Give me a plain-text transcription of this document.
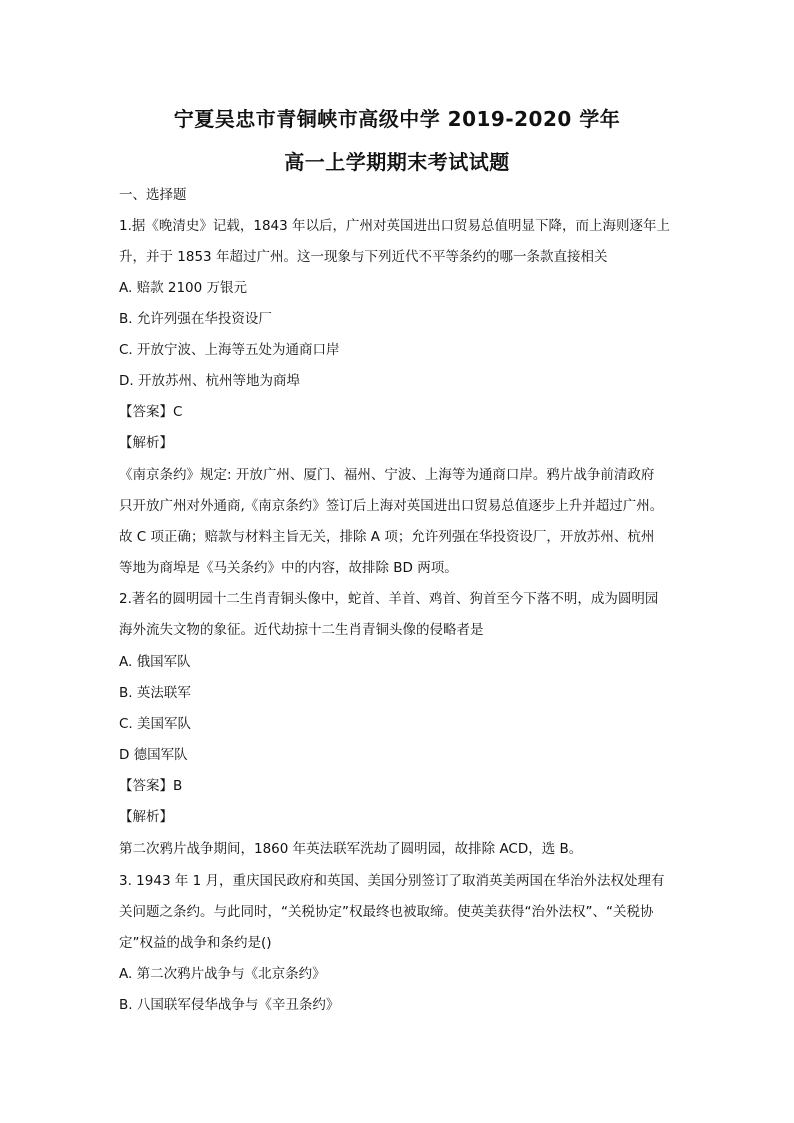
宁夏吴忠市青铜峡市高级中学 2019-2020 学年
高一上学期期末考试试题
一、选择题
1.据《晚清史》记载，1843 年以后，广州对英国进出口贸易总值明显下降，而上海则逐年上
升，并于 1853 年超过广州。这一现象与下列近代不平等条约的哪一条款直接相关
A. 赔款 2100 万银元
B. 允许列强在华投资设厂
C. 开放宁波、上海等五处为通商口岸
D. 开放苏州、杭州等地为商埠
【答案】C
【解析】
《南京条约》规定: 开放广州、厦门、福州、宁波、上海等为通商口岸。鸦片战争前清政府
只开放广州对外通商,《南京条约》签订后上海对英国进出口贸易总值逐步上升并超过广州。
故 C 项正确；赔款与材料主旨无关，排除 A 项；允许列强在华投资设厂，开放苏州、杭州
等地为商埠是《马关条约》中的内容，故排除 BD 两项。
2.著名的圆明园十二生肖青铜头像中，蛇首、羊首、鸡首、狗首至今下落不明，成为圆明园
海外流失文物的象征。近代劫掠十二生肖青铜头像的侵略者是
A. 俄国军队
B. 英法联军
C. 美国军队
D 德国军队
【答案】B
【解析】
第二次鸦片战争期间，1860 年英法联军洗劫了圆明园，故排除 ACD，选 B。
3. 1943 年 1 月，重庆国民政府和英国、美国分别签订了取消英美两国在华治外法权处理有
关问题之条约。与此同时，“关税协定”权最终也被取缔。使英美获得“治外法权”、“关税协
定”权益的战争和条约是()
A. 第二次鸦片战争与《北京条约》
B. 八国联军侵华战争与《辛丑条约》
